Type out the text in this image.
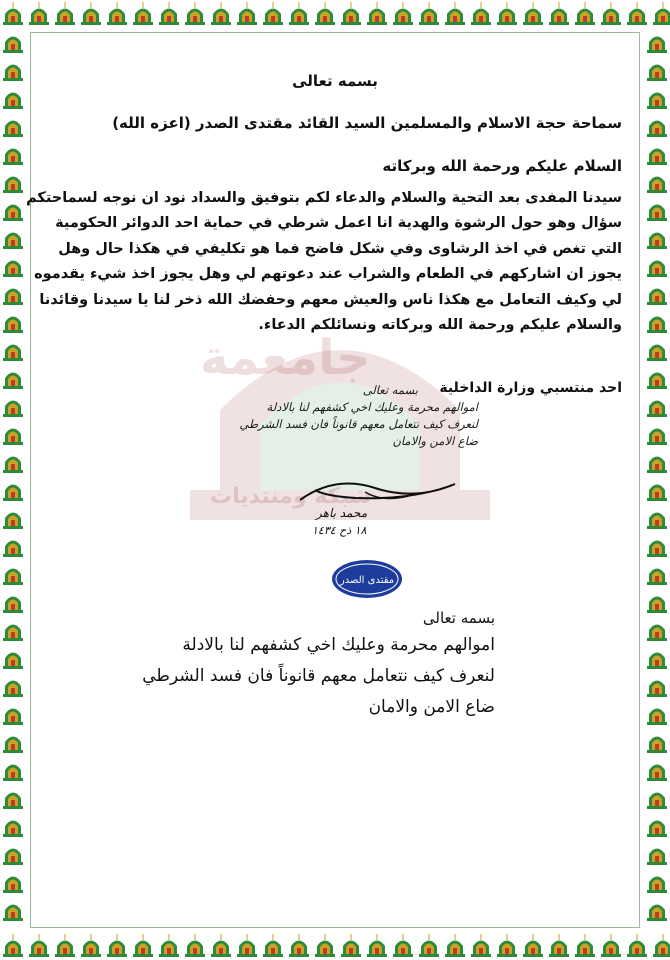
جامعمة
شبكة ومنتديات
بسمه تعالى
سماحة حجة الاسلام والمسلمين السيد القائد مقتدى الصدر (اعزه الله)
السلام عليكم ورحمة الله وبركاته
سيدنا المفدى بعد التحية والسلام والدعاء لكم بتوفيق والسداد نود ان نوجه لسماحتكم
سؤال وهو حول الرشوة والهدية انا اعمل شرطي في حماية احد الدوائر الحكومية
التي تغص في اخذ الرشاوى وفي شكل فاضح فما هو تكليفي في هكذا حال وهل
يجوز ان اشاركهم في الطعام والشراب عند دعوتهم لي وهل يجوز اخذ شيء يقدموه
لي وكيف التعامل مع هكذا ناس والعيش معهم وحفضك الله ذخر لنا يا سيدنا وقائدنا
والسلام عليكم ورحمة الله وبركاته ونسائلكم الدعاء.
احد منتسبي وزارة الداخلية
بسمه تعالى
اموالهم محرمة وعليك اخي كشفهم لنا بالادلة
لنعرف كيف نتعامل معهم قانوناً فان فسد الشرطي
ضاع الامن والامان
محمد باهر
١٨ ذح ١٤٣٤
مقتدى الصدر
بسمه تعالى
اموالهم محرمة وعليك اخي كشفهم لنا بالادلة
لنعرف كيف نتعامل معهم قانوناً فان فسد الشرطي
ضاع الامن والامان
